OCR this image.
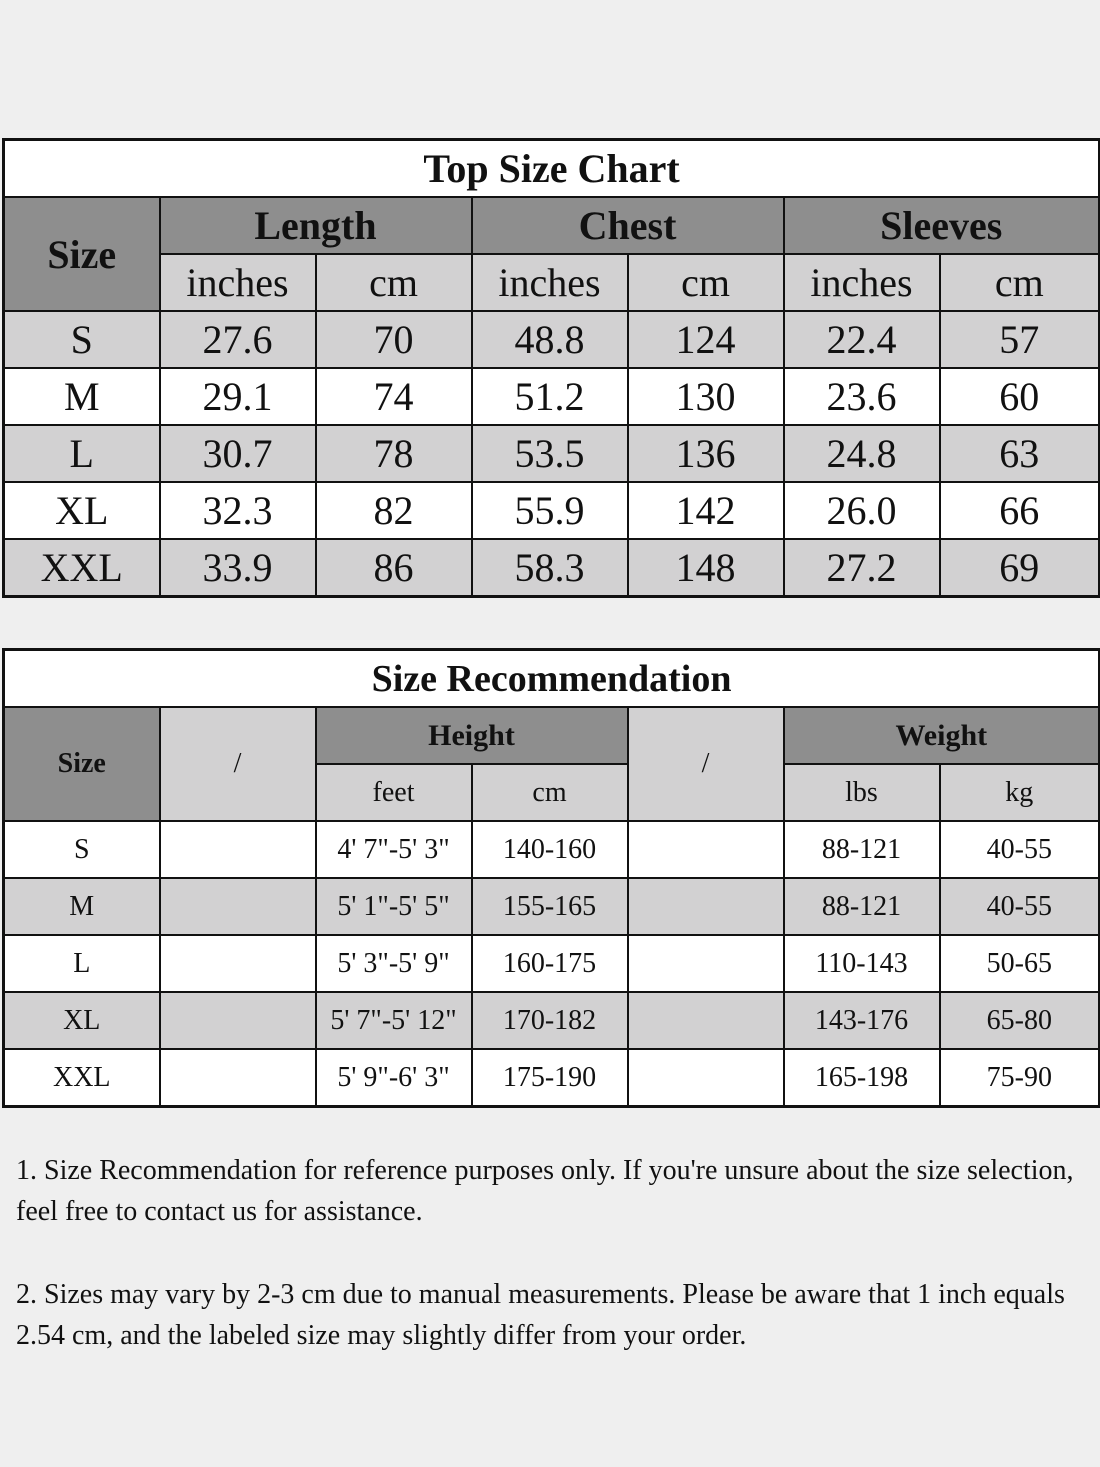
Top Size Chart						
Size	Length		Chest		Sleeves	
	inches	cm	inches	cm	inches	cm
S	27.6	70	48.8	124	22.4	57
M	29.1	74	51.2	130	23.6	60
L	30.7	78	53.5	136	24.8	63
XL	32.3	82	55.9	142	26.0	66
XXL	33.9	86	58.3	148	27.2	69
Size Recommendation						
Size	/	Height		/	Weight	
		feet	cm		lbs	kg
S		4' 7"-5' 3"	140-160		88-121	40-55
M		5' 1"-5' 5"	155-165		88-121	40-55
L		5' 3"-5' 9"	160-175		110-143	50-65
XL		5' 7"-5' 12"	170-182		143-176	65-80
XXL		5' 9"-6' 3"	175-190		165-198	75-90

1. Size Recommendation for reference purposes only. If you're unsure about the size selection, feel free to contact us for assistance.

2. Sizes may vary by 2-3 cm due to manual measurements. Please be aware that 1 inch equals 2.54 cm, and the labeled size may slightly differ from your order.
